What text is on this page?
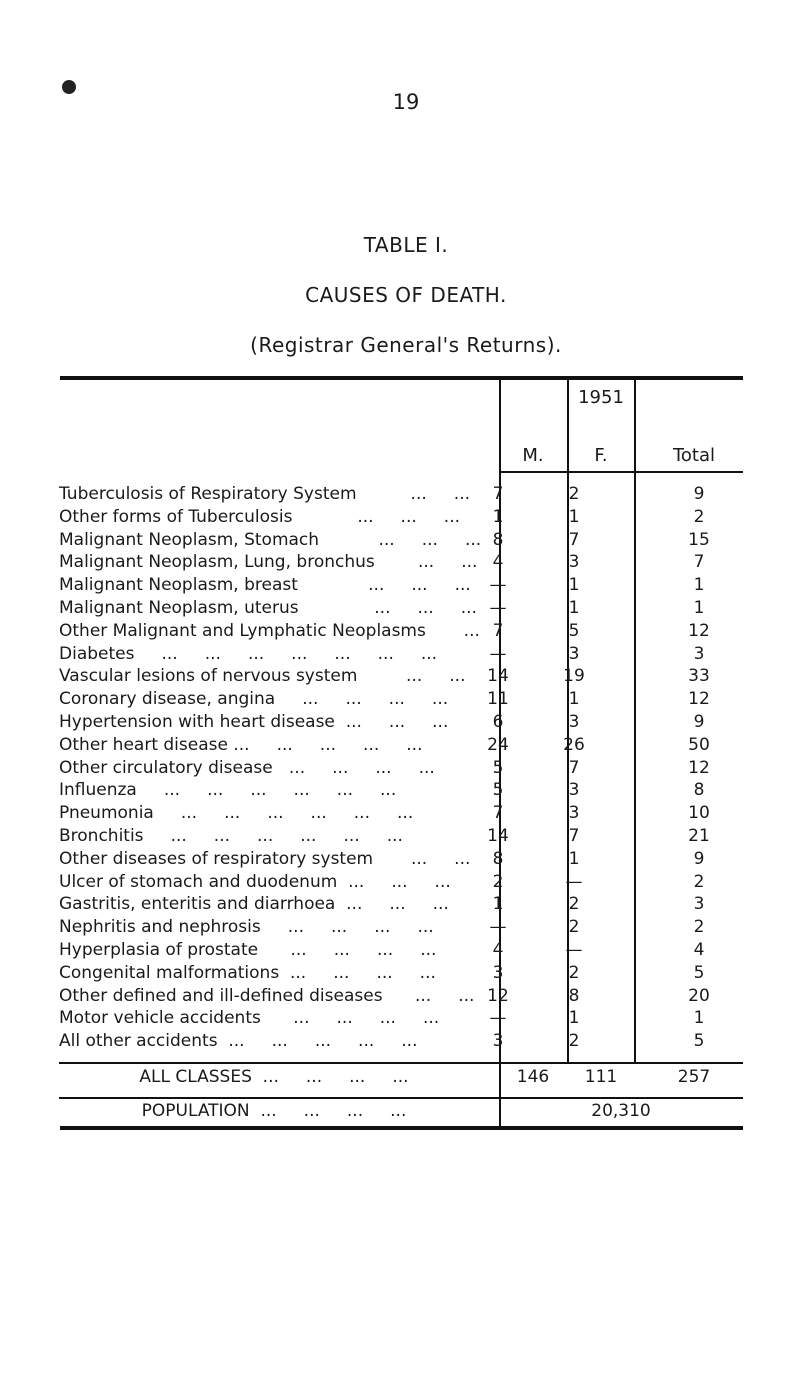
19
TABLE I.
CAUSES OF DEATH.
(Registrar General's Returns).
1951
M.	F.	Total
Tuberculosis of Respiratory System          ...     ...	7	2	9
Other forms of Tuberculosis            ...     ...     ...	1	1	2
Malignant Neoplasm, Stomach           ...     ...     ... 8	7	15
Malignant Neoplasm, Lung, bronchus        ...     ... 4	3	7
Malignant Neoplasm, breast             ...     ...     ...	—	1	1
Malignant Neoplasm, uterus              ...     ...     ... —	1	1
Other Malignant and Lymphatic Neoplasms       ... 7	5	12
Diabetes     ...     ...     ...     ...     ...     ...     ...	—	3	3
Vascular lesions of nervous system         ...     ...	14	19	33
Coronary disease, angina     ...     ...     ...     ...	11	1	12
Hypertension with heart disease  ...     ...     ...	6	3	9
Other heart disease ...     ...     ...     ...     ...	24	26	50
Other circulatory disease   ...     ...     ...     ...	5	7	12
Influenza     ...     ...     ...     ...     ...     ...	5	3	8
Pneumonia     ...     ...     ...     ...     ...     ...	7	3	10
Bronchitis     ...     ...     ...     ...     ...     ...	14	7	21
Other diseases of respiratory system       ...     ...	8	1	9
Ulcer of stomach and duodenum  ...     ...     ...	2	—	2
Gastritis, enteritis and diarrhoea  ...     ...     ...	1	2	3
Nephritis and nephrosis     ...     ...     ...     ...	—	2	2
Hyperplasia of prostate      ...     ...     ...     ...	4	—	4
Congenital malformations  ...     ...     ...     ...	3	2	5
Other defined and ill-defined diseases      ...     ... 12	8	20
Motor vehicle accidents      ...     ...     ...     ...	—	1	1
All other accidents  ...     ...     ...     ...     ...	3	2	5
ALL CLASSES  ...     ...     ...     ...	146	111	257
POPULATION  ...     ...     ...     ...	20,310
